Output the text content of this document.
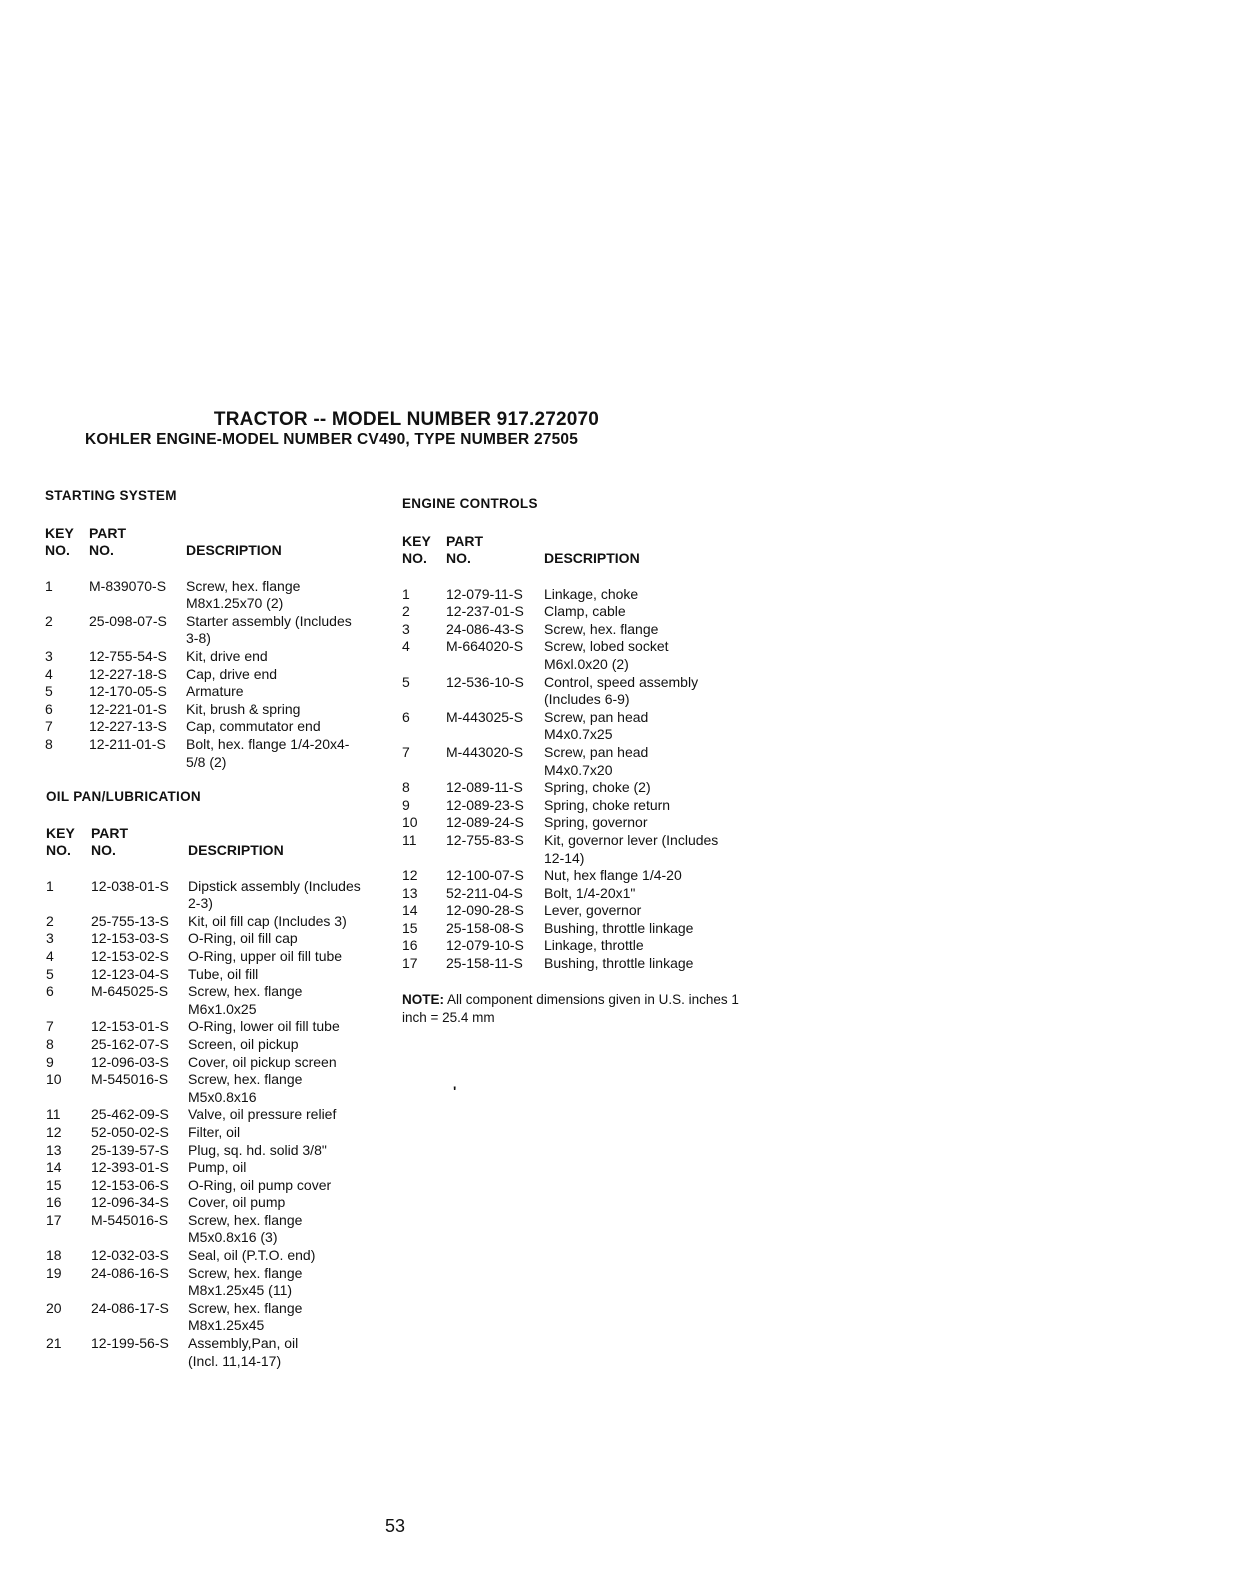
TRACTOR -- MODEL NUMBER 917.272070
KOHLER ENGINE-MODEL NUMBER CV490, TYPE NUMBER 27505
STARTING SYSTEM
KEY
NO.
PART
NO.	DESCRIPTION
1	M-839070-S	Screw, hex. flange
M8x1.25x70 (2)
2	25-098-07-S	Starter assembly (Includes
3-8)
3	12-755-54-S	Kit, drive end
4	12-227-18-S	Cap, drive end
5	12-170-05-S	Armature
6	12-221-01-S	Kit, brush & spring
7	12-227-13-S	Cap, commutator end
8	12-211-01-S	Bolt, hex. flange 1/4-20x4-
5/8 (2)
OIL PAN/LUBRICATION
KEY
NO.
PART
NO.	DESCRIPTION
1	12-038-01-S	Dipstick assembly (Includes
2-3)
2	25-755-13-S	Kit, oil fill cap (Includes 3)
3	12-153-03-S	O-Ring, oil fill cap
4	12-153-02-S	O-Ring, upper oil fill tube
5	12-123-04-S	Tube, oil fill
6	M-645025-S	Screw, hex. flange
M6x1.0x25
7	12-153-01-S	O-Ring, lower oil fill tube
8	25-162-07-S	Screen, oil pickup
9	12-096-03-S	Cover, oil pickup screen
10	M-545016-S	Screw, hex. flange
M5x0.8x16
11	25-462-09-S	Valve, oil pressure relief
12	52-050-02-S	Filter, oil
13	25-139-57-S	Plug, sq. hd. solid 3/8"
14	12-393-01-S	Pump, oil
15	12-153-06-S	O-Ring, oil pump cover
16	12-096-34-S	Cover, oil pump
17	M-545016-S	Screw, hex. flange
M5x0.8x16 (3)
18	12-032-03-S	Seal, oil (P.T.O. end)
19	24-086-16-S	Screw, hex. flange
M8x1.25x45 (11)
20	24-086-17-S	Screw, hex. flange
M8x1.25x45
21	12-199-56-S	Assembly,Pan, oil
(Incl. 11,14-17)
ENGINE CONTROLS
KEY
NO.
PART
NO.	DESCRIPTION
1	12-079-11-S	Linkage, choke
2	12-237-01-S	Clamp, cable
3	24-086-43-S	Screw, hex. flange
4	M-664020-S	Screw, lobed socket
M6xl.0x20 (2)
5	12-536-10-S	Control, speed assembly
(Includes 6-9)
6	M-443025-S	Screw, pan head
M4x0.7x25
7	M-443020-S	Screw, pan head
M4x0.7x20
8	12-089-11-S	Spring, choke (2)
9	12-089-23-S	Spring, choke return
10	12-089-24-S	Spring, governor
11	12-755-83-S	Kit, governor lever (Includes
12-14)
12	12-100-07-S	Nut, hex flange 1/4-20
13	52-211-04-S	Bolt, 1/4-20x1"
14	12-090-28-S	Lever, governor
15	25-158-08-S	Bushing, throttle linkage
16	12-079-10-S	Linkage, throttle
17	25-158-11-S	Bushing, throttle linkage
NOTE: All component dimensions given in U.S. inches 1 inch = 25.4 mm
'
53
